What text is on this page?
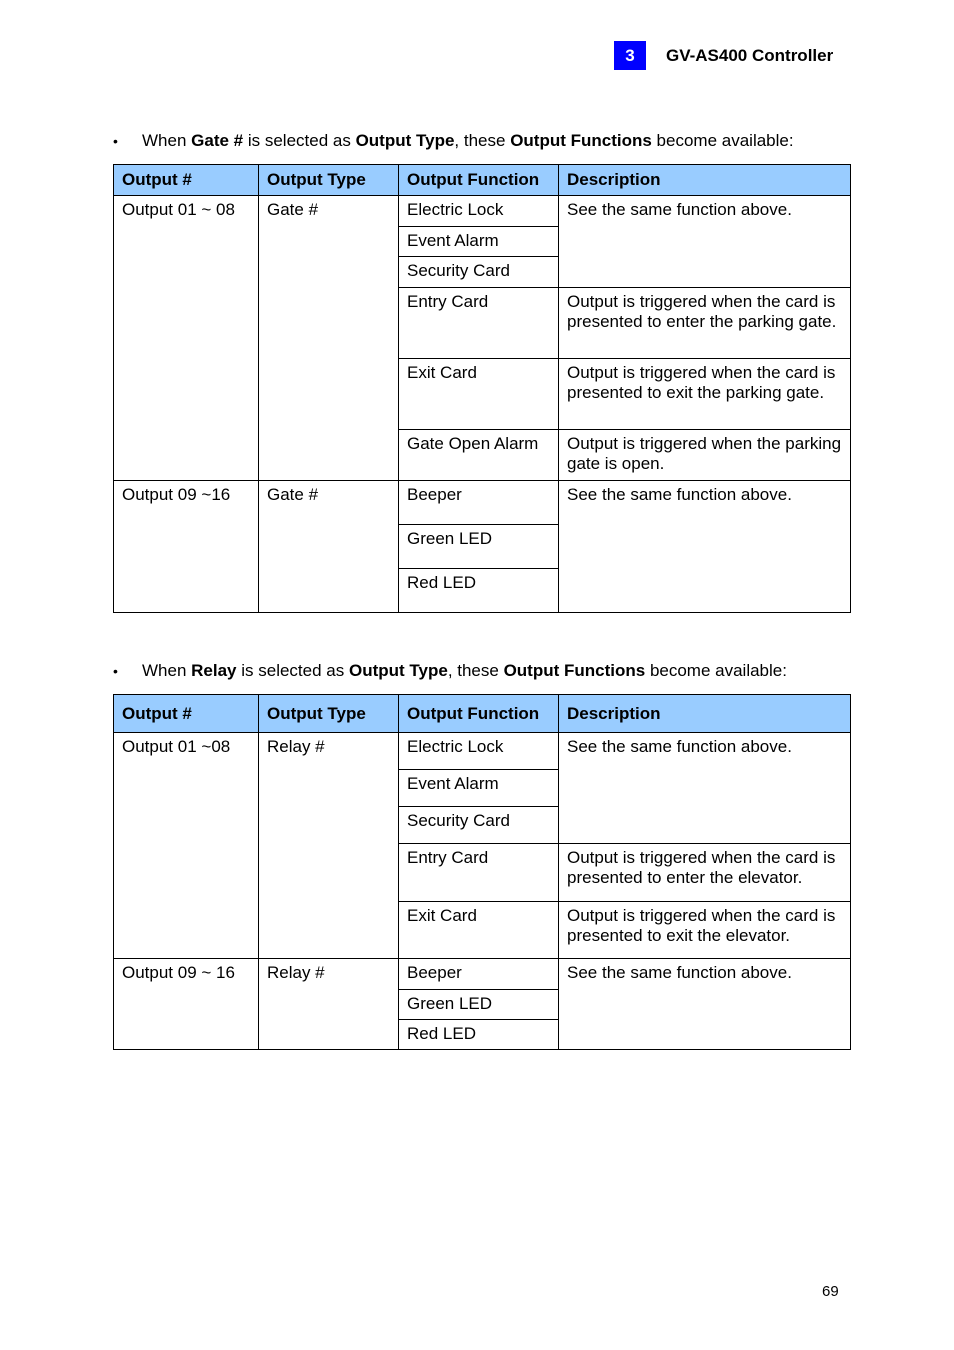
3	GV-AS400 Controller
•	When Gate # is selected as Output Type, these Output Functions become available:
Output #	Output Type	Output Function	Description
Output 01 ~ 08	Gate #	Electric Lock	See the same function above.
		Event Alarm	
		Security Card	
		Entry Card	Output is triggered when the card is presented to enter the parking gate.
		Exit Card	Output is triggered when the card is presented to exit the parking gate.
		Gate Open Alarm	Output is triggered when the parking gate is open.
Output 09 ~16	Gate #	Beeper	See the same function above.
		Green LED	
		Red LED	
•	When Relay is selected as Output Type, these Output Functions become available:
Output #	Output Type	Output Function	Description
Output 01 ~08	Relay #	Electric Lock	See the same function above.
		Event Alarm	
		Security Card	
		Entry Card	Output is triggered when the card is presented to enter the elevator.
		Exit Card	Output is triggered when the card is presented to exit the elevator.
Output 09 ~ 16	Relay #	Beeper	See the same function above.
		Green LED	
		Red LED	
69
